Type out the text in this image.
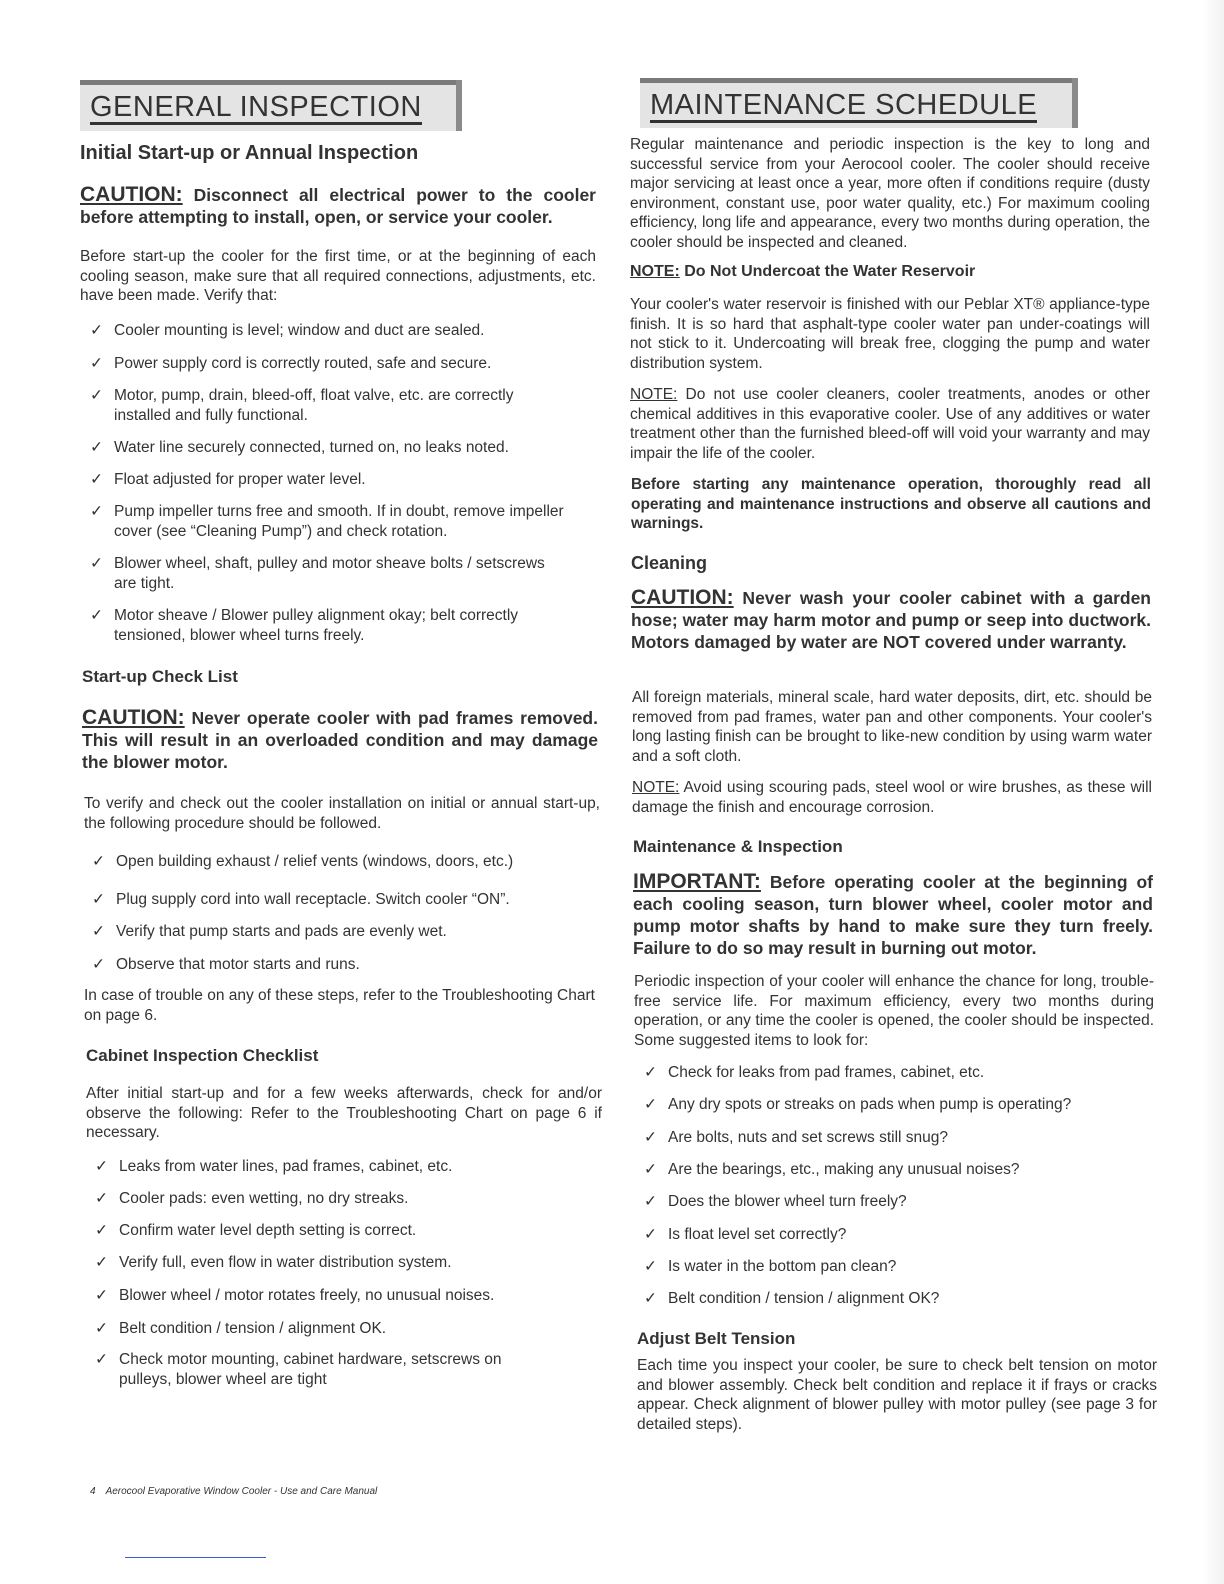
GENERAL INSPECTION
Initial Start-up or Annual Inspection
CAUTION: Disconnect all electrical power to the cooler before attempting to install, open, or service your cooler.
Before start-up the cooler for the first time, or at the beginning of each cooling season, make sure that all required connections, adjustments, etc. have been made. Verify that:
✓ Cooler mounting is level; window and duct are sealed.
✓ Power supply cord is correctly routed, safe and secure.
✓ Motor, pump, drain, bleed-off, float valve, etc. are correctly installed and fully functional.
✓ Water line securely connected, turned on, no leaks noted.
✓ Float adjusted for proper water level.
✓ Pump impeller turns free and smooth. If in doubt, remove impeller cover (see “Cleaning Pump”) and check rotation.
✓ Blower wheel, shaft, pulley and motor sheave bolts / setscrews are tight.
✓ Motor sheave / Blower pulley alignment okay; belt correctly tensioned, blower wheel turns freely.
Start-up Check List
CAUTION: Never operate cooler with pad frames removed. This will result in an overloaded condition and may damage the blower motor.
To verify and check out the cooler installation on initial or annual start-up, the following procedure should be followed.
✓ Open building exhaust / relief vents (windows, doors, etc.)
✓ Plug supply cord into wall receptacle. Switch cooler “ON”.
✓ Verify that pump starts and pads are evenly wet.
✓ Observe that motor starts and runs.
In case of trouble on any of these steps, refer to the Troubleshooting Chart on page 6.
Cabinet Inspection Checklist
After initial start-up and for a few weeks afterwards, check for and/or observe the following: Refer to the Troubleshooting Chart on page 6 if necessary.
✓ Leaks from water lines, pad frames, cabinet, etc.
✓ Cooler pads: even wetting, no dry streaks.
✓ Confirm water level depth setting is correct.
✓ Verify full, even flow in water distribution system.
✓ Blower wheel / motor rotates freely, no unusual noises.
✓ Belt condition / tension / alignment OK.
✓ Check motor mounting, cabinet hardware, setscrews on pulleys, blower wheel are tight
MAINTENANCE SCHEDULE
Regular maintenance and periodic inspection is the key to long and successful service from your Aerocool cooler. The cooler should receive major servicing at least once a year, more often if conditions require (dusty environment, constant use, poor water quality, etc.) For maximum cooling efficiency, long life and appearance, every two months during operation, the cooler should be inspected and cleaned.
NOTE: Do Not Undercoat the Water Reservoir
Your cooler's water reservoir is finished with our Peblar XT® appliance-type finish. It is so hard that asphalt-type cooler water pan under-coatings will not stick to it. Undercoating will break free, clogging the pump and water distribution system.
NOTE: Do not use cooler cleaners, cooler treatments, anodes or other chemical additives in this evaporative cooler. Use of any additives or water treatment other than the furnished bleed-off will void your warranty and may impair the life of the cooler.
Before starting any maintenance operation, thoroughly read all operating and maintenance instructions and observe all cautions and warnings.
Cleaning
CAUTION: Never wash your cooler cabinet with a garden hose; water may harm motor and pump or seep into ductwork. Motors damaged by water are NOT covered under warranty.
All foreign materials, mineral scale, hard water deposits, dirt, etc. should be removed from pad frames, water pan and other components. Your cooler's long lasting finish can be brought to like-new condition by using warm water and a soft cloth.
NOTE: Avoid using scouring pads, steel wool or wire brushes, as these will damage the finish and encourage corrosion.
Maintenance & Inspection
IMPORTANT: Before operating cooler at the beginning of each cooling season, turn blower wheel, cooler motor and pump motor shafts by hand to make sure they turn freely. Failure to do so may result in burning out motor.
Periodic inspection of your cooler will enhance the chance for long, trouble-free service life. For maximum efficiency, every two months during operation, or any time the cooler is opened, the cooler should be inspected. Some suggested items to look for:
✓ Check for leaks from pad frames, cabinet, etc.
✓ Any dry spots or streaks on pads when pump is operating?
✓ Are bolts, nuts and set screws still snug?
✓ Are the bearings, etc., making any unusual noises?
✓ Does the blower wheel turn freely?
✓ Is float level set correctly?
✓ Is water in the bottom pan clean?
✓ Belt condition / tension / alignment OK?
Adjust Belt Tension
Each time you inspect your cooler, be sure to check belt tension on motor and blower assembly. Check belt condition and replace it if frays or cracks appear. Check alignment of blower pulley with motor pulley (see page 3 for detailed steps).
4 Aerocool Evaporative Window Cooler - Use and Care Manual
